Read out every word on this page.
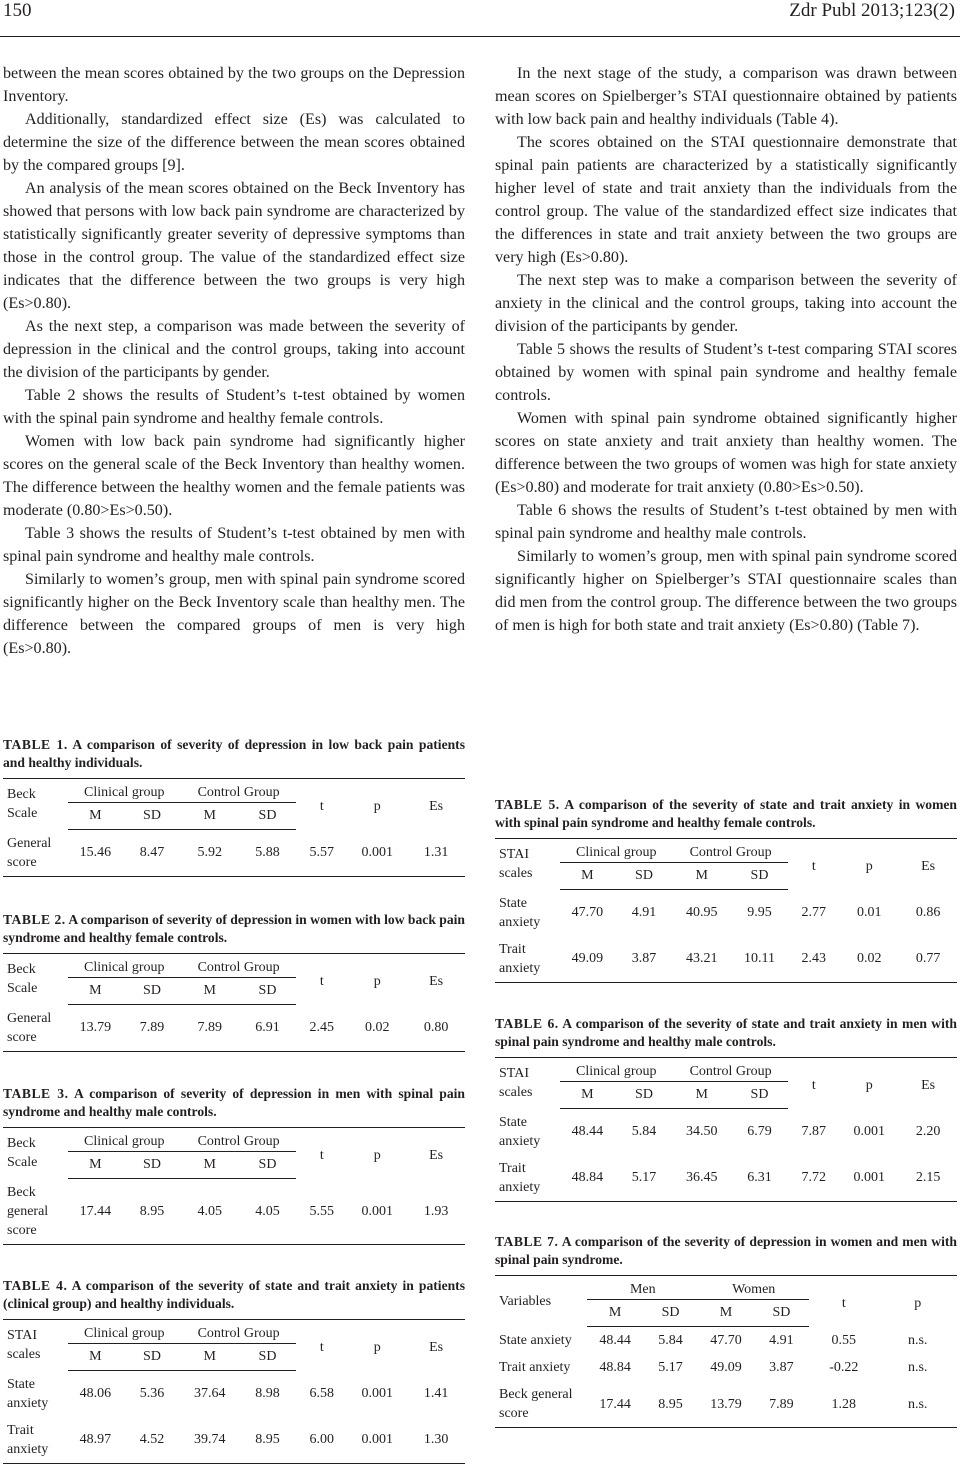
150	Zdr Publ 2013;123(2)

between the mean scores obtained by the two groups on the Depression Inventory.

Additionally, standardized effect size (Es) was calculated to determine the size of the difference between the mean scores obtained by the compared groups [9].

An analysis of the mean scores obtained on the Beck Inventory has showed that persons with low back pain syndrome are characterized by statistically significantly greater severity of depressive symptoms than those in the control group. The value of the standardized effect size indicates that the difference between the two groups is very high (Es>0.80).

As the next step, a comparison was made between the severity of depression in the clinical and the control groups, taking into account the division of the participants by gender.

Table 2 shows the results of Student’s t-test obtained by women with the spinal pain syndrome and healthy female controls.

Women with low back pain syndrome had significantly higher scores on the general scale of the Beck Inventory than healthy women. The difference between the healthy women and the female patients was moderate (0.80>Es>0.50).

Table 3 shows the results of Student’s t-test obtained by men with spinal pain syndrome and healthy male controls.

Similarly to women’s group, men with spinal pain syndrome scored significantly higher on the Beck Inventory scale than healthy men. The difference between the compared groups of men is very high (Es>0.80).

In the next stage of the study, a comparison was drawn between mean scores on Spielberger’s STAI questionnaire obtained by patients with low back pain and healthy individuals (Table 4).

The scores obtained on the STAI questionnaire demonstrate that spinal pain patients are characterized by a statistically significantly higher level of state and trait anxiety than the individuals from the control group. The value of the standardized effect size indicates that the differences in state and trait anxiety between the two groups are very high (Es>0.80).

The next step was to make a comparison between the severity of anxiety in the clinical and the control groups, taking into account the division of the participants by gender.

Table 5 shows the results of Student’s t-test comparing STAI scores obtained by women with spinal pain syndrome and healthy female controls.

Women with spinal pain syndrome obtained significantly higher scores on state anxiety and trait anxiety than healthy women. The difference between the two groups of women was high for state anxiety (Es>0.80) and moderate for trait anxiety (0.80>Es>0.50).

Table 6 shows the results of Student’s t-test obtained by men with spinal pain syndrome and healthy male controls.

Similarly to women’s group, men with spinal pain syndrome scored significantly higher on Spielberger’s STAI questionnaire scales than did men from the control group. The difference between the two groups of men is high for both state and trait anxiety (Es>0.80) (Table 7).

TABLE 1. A comparison of severity of depression in low back pain patients and healthy individuals.
Beck Scale	Clinical group		Control Group		t	p	Es
	M	SD	M	SD			
General score	15.46	8.47	5.92	5.88	5.57	0.001	1.31
TABLE 2. A comparison of severity of depression in women with low back pain syndrome and healthy female controls.
Beck Scale	Clinical group		Control Group		t	p	Es
	M	SD	M	SD			
General score	13.79	7.89	7.89	6.91	2.45	0.02	0.80
TABLE 3. A comparison of severity of depression in men with spinal pain syndrome and healthy male controls.
Beck Scale	Clinical group		Control Group		t	p	Es
	M	SD	M	SD			
Beck general score	17.44	8.95	4.05	4.05	5.55	0.001	1.93
TABLE 4. A comparison of the severity of state and trait anxiety in patients (clinical group) and healthy individuals.
STAI scales	Clinical group		Control Group		t	p	Es
	M	SD	M	SD			
State anxiety	48.06	5.36	37.64	8.98	6.58	0.001	1.41
Trait anxiety	48.97	4.52	39.74	8.95	6.00	0.001	1.30
TABLE 5. A comparison of the severity of state and trait anxiety in women with spinal pain syndrome and healthy female controls.
STAI scales	Clinical group		Control Group		t	p	Es
	M	SD	M	SD			
State anxiety	47.70	4.91	40.95	9.95	2.77	0.01	0.86
Trait anxiety	49.09	3.87	43.21	10.11	2.43	0.02	0.77
TABLE 6. A comparison of the severity of state and trait anxiety in men with spinal pain syndrome and healthy male controls.
STAI scales	Clinical group		Control Group		t	p	Es
	M	SD	M	SD			
State anxiety	48.44	5.84	34.50	6.79	7.87	0.001	2.20
Trait anxiety	48.84	5.17	36.45	6.31	7.72	0.001	2.15
TABLE 7. A comparison of the severity of depression in women and men with spinal pain syndrome.
Variables	Men		Women		t	p
	M	SD	M	SD		
State anxiety	48.44	5.84	47.70	4.91	0.55	n.s.
Trait anxiety	48.84	5.17	49.09	3.87	-0.22	n.s.
Beck general score	17.44	8.95	13.79	7.89	1.28	n.s.
